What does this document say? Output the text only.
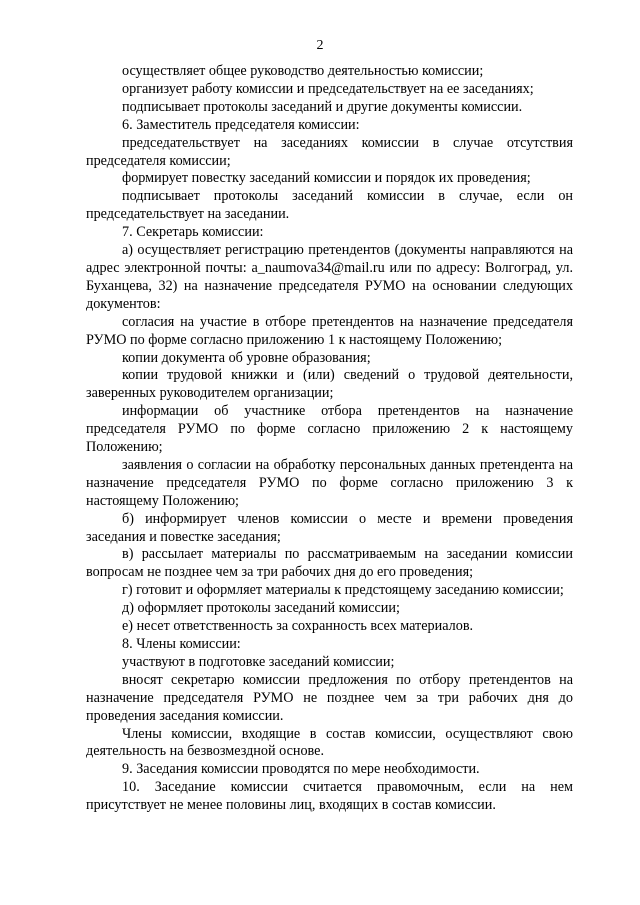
2

осуществляет общее руководство деятельностью комиссии;

организует работу комиссии и председательствует на ее заседаниях;

подписывает протоколы заседаний и другие документы комиссии.

6. Заместитель председателя комиссии:

председательствует на заседаниях комиссии в случае отсутствия председателя комиссии;

формирует повестку заседаний комиссии и порядок их проведения;

подписывает протоколы заседаний комиссии в случае, если он председательствует на заседании.

7. Секретарь комиссии:

а) осуществляет регистрацию претендентов (документы направляются на адрес электронной почты: a_naumova34@mail.ru или по адресу: Волгоград, ул. Буханцева, 32) на назначение председателя РУМО на основании следующих документов:

согласия на участие в отборе претендентов на назначение председателя РУМО по форме согласно приложению 1 к настоящему Положению;

копии документа об уровне образования;

копии трудовой книжки и (или) сведений о трудовой деятельности, заверенных руководителем организации;

информации об участнике отбора претендентов на назначение председателя РУМО по форме согласно приложению 2 к настоящему Положению;

заявления о согласии на обработку персональных данных претендента на назначение председателя РУМО по форме согласно приложению 3 к настоящему Положению;

б) информирует членов комиссии о месте и времени проведения заседания и повестке заседания;

в) рассылает материалы по рассматриваемым на заседании комиссии вопросам не позднее чем за три рабочих дня до его проведения;

г) готовит и оформляет материалы к предстоящему заседанию комиссии;

д) оформляет протоколы заседаний комиссии;

е) несет ответственность за сохранность всех материалов.

8. Члены комиссии:

участвуют в подготовке заседаний комиссии;

вносят секретарю комиссии предложения по отбору претендентов на назначение председателя РУМО не позднее чем за три рабочих дня до проведения заседания комиссии.

Члены комиссии, входящие в состав комиссии, осуществляют свою деятельность на безвозмездной основе.

9. Заседания комиссии проводятся по мере необходимости.

10. Заседание комиссии считается правомочным, если на нем присутствует не менее половины лиц, входящих в состав комиссии.
